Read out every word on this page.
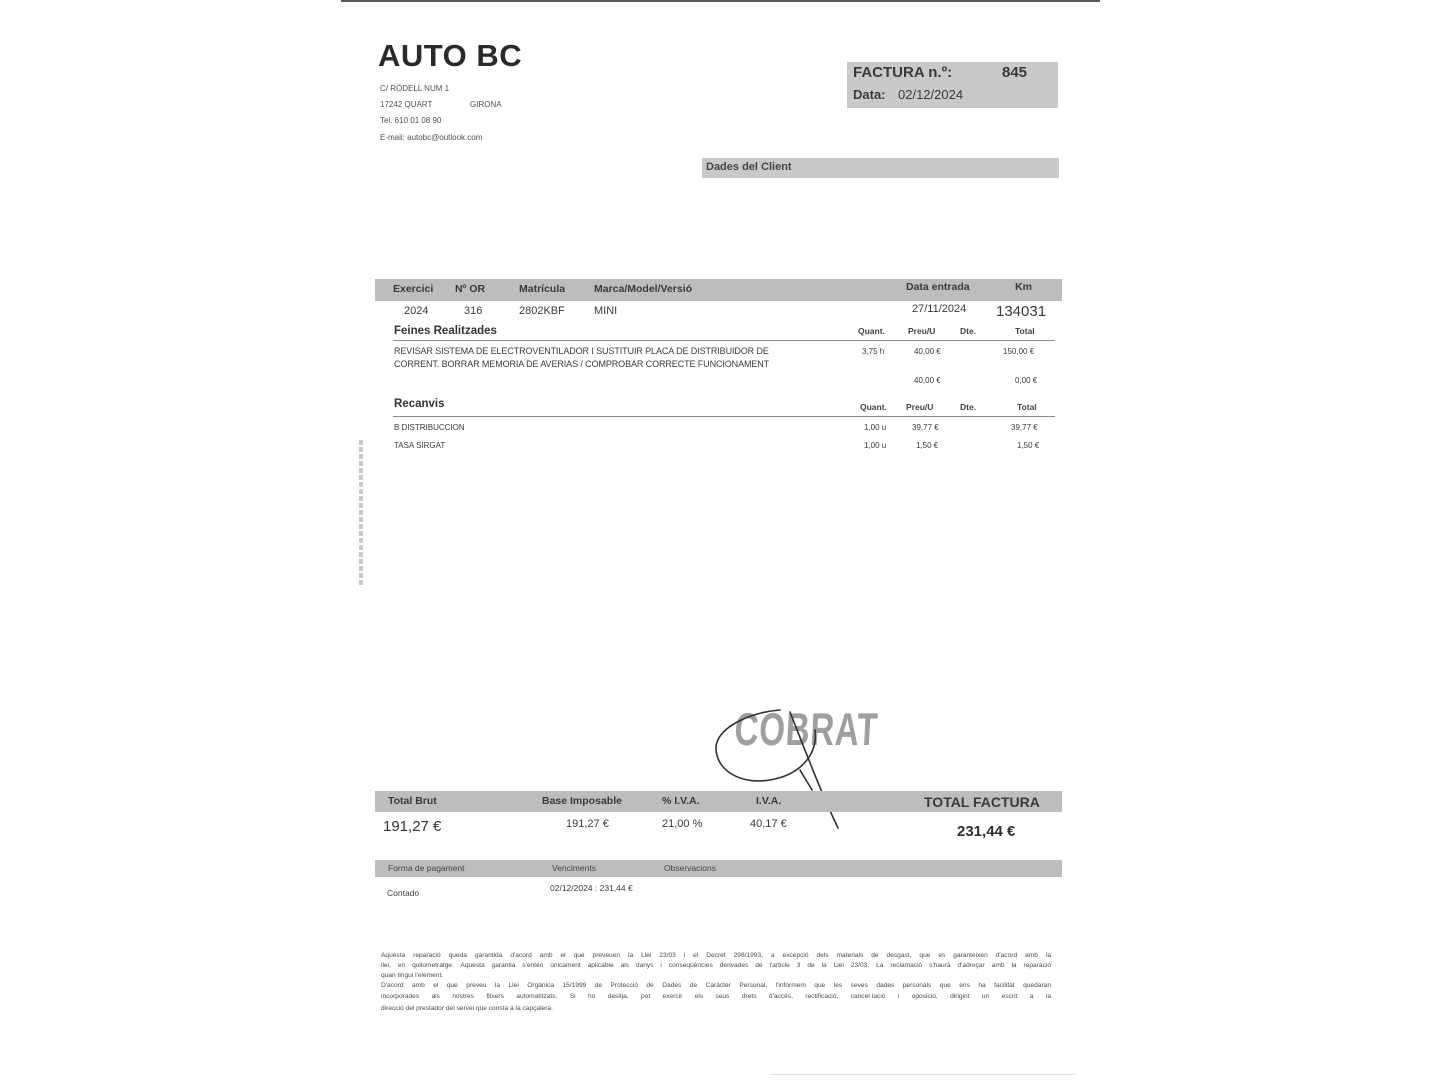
AUTO BC
C/ RÒDELL NUM 1
17242 QUART	GIRONA
Tel. 610 01 08 90
E-mail: autobc@outlook.com
FACTURA n.º:	845
Data: 02/12/2024
Dades del Client
Exercici Nº OR	Matrícula	Marca/Model/Versió	Data entrada	Km
2024	316	2802KBF	MINI	27/11/2024 134031
Feines Realitzades	Quant.	Preu/U	Dte.	Total
REVISAR SISTEMA DE ELECTROVENTILADOR I SUSTITUIR PLACA DE DISTRIBUIDOR DE
CORRENT. BORRAR MEMORIA DE AVERIAS / COMPROBAR CORRECTE FUNCIONAMENT
3,75 h	40,00 €	150,00 €
40,00 €	0,00 €
Recanvis	Quant. Preu/U	Dte.	Total
B DISTRIBUCCION	1,00 u	39,77 €	39,77 €
TASA SIRGAT	1,00 u	1,50 €	1,50 €
COBRAT
Total Brut	Base Imposable	% I.V.A.	I.V.A.	TOTAL FACTURA
191,27 €	191,27 €	21,00 %	40,17 €	231,44 €
Forma de pagament	Venciments	Observacions
Contado	02/12/2024 : 231,44 €
Aquesta reparació queda garantida d'acord amb el que preveuen la Llei 23/03 i el Decret 298/1993, a excepció dels materials de desgast, que es garanteixen d'acord amb la
llei, en quilometratge. Aquesta garantia s'entén únicament aplicable als danys i conseqüències derivades de l'article 3 de la Llei 23/03. La reclamació s'haurà d'adreçar amb la reparació
quan tingui l'element.
D'acord amb el que preveu la Llei Orgànica 15/1999 de Protecció de Dades de Caràcter Personal, l'informem que les seves dades personals que ens ha facilitat quedaran
incorporades als nostres fitxers automatitzats. Si ho desitja, pot exercir els seus drets d'accés, rectificació, cancel·lació i oposició, dirigint un escrit a la
direcció del prestador del servei que consta a la capçalera.
